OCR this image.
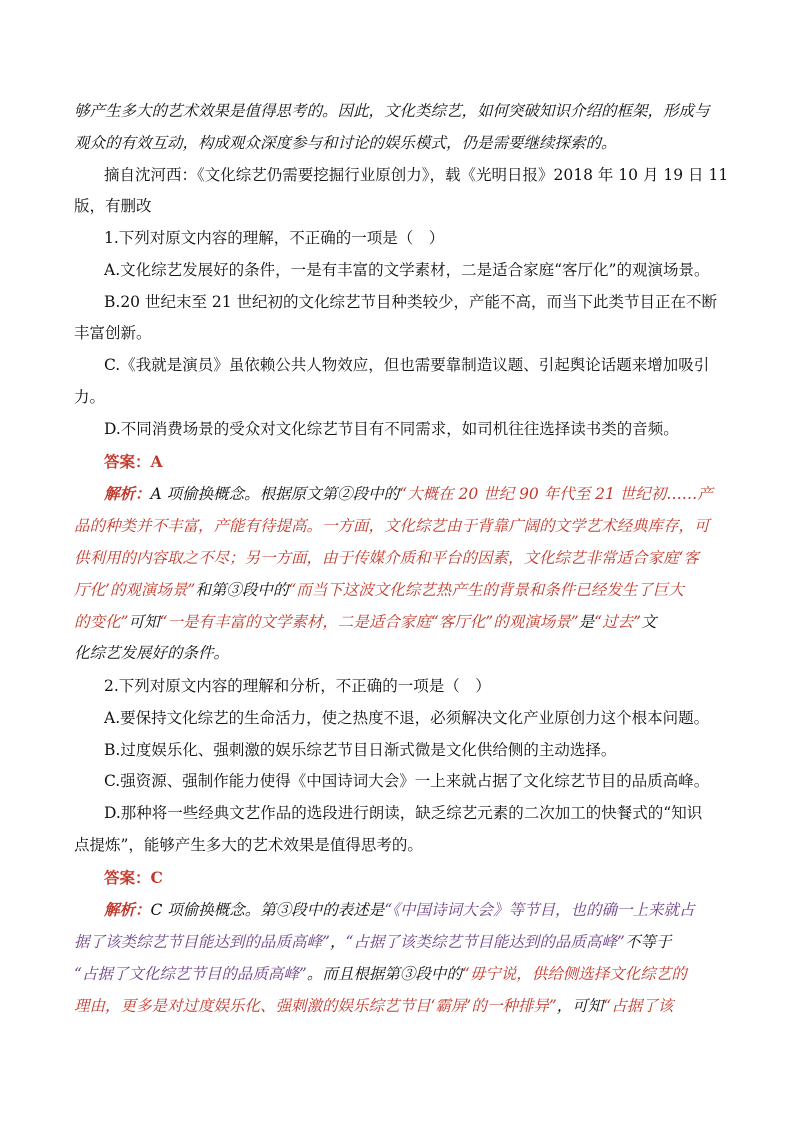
够产生多大的艺术效果是值得思考的。因此，文化类综艺，如何突破知识介绍的框架，形成与
观众的有效互动，构成观众深度参与和讨论的娱乐模式，仍是需要继续探索的。
摘自沈河西：《文化综艺仍需要挖掘行业原创力》，载《光明日报》2018 年 10 月 19 日 11
版，有删改
1.下列对原文内容的理解，不正确的一项是（　）
A.文化综艺发展好的条件，一是有丰富的文学素材，二是适合家庭“客厅化”的观演场景。
B.20 世纪末至 21 世纪初的文化综艺节目种类较少，产能不高，而当下此类节目正在不断
丰富创新。
C.《我就是演员》虽依赖公共人物效应，但也需要靠制造议题、引起舆论话题来增加吸引
力。
D.不同消费场景的受众对文化综艺节目有不同需求，如司机往往选择读书类的音频。
答案：A
解析：A 项偷换概念。根据原文第②段中的“大概在 20 世纪 90 年代至 21 世纪初……产
品的种类并不丰富，产能有待提高。一方面，文化综艺由于背靠广阔的文学艺术经典库存，可
供利用的内容取之不尽；另一方面，由于传媒介质和平台的因素，文化综艺非常适合家庭‘客
厅化’的观演场景”和第③段中的“而当下这波文化综艺热产生的背景和条件已经发生了巨大
的变化”可知“一是有丰富的文学素材，二是适合家庭“客厅化”的观演场景”是“过去”文
化综艺发展好的条件。
2.下列对原文内容的理解和分析，不正确的一项是（　）
A.要保持文化综艺的生命活力，使之热度不退，必须解决文化产业原创力这个根本问题。
B.过度娱乐化、强刺激的娱乐综艺节目日渐式微是文化供给侧的主动选择。
C.强资源、强制作能力使得《中国诗词大会》一上来就占据了文化综艺节目的品质高峰。
D.那种将一些经典文艺作品的选段进行朗读，缺乏综艺元素的二次加工的快餐式的“知识
点提炼”，能够产生多大的艺术效果是值得思考的。
答案：C
解析：C 项偷换概念。第③段中的表述是“《中国诗词大会》等节目，也的确一上来就占
据了该类综艺节目能达到的品质高峰”，“占据了该类综艺节目能达到的品质高峰”不等于
“占据了文化综艺节目的品质高峰”。而且根据第③段中的“毋宁说，供给侧选择文化综艺的
理由，更多是对过度娱乐化、强刺激的娱乐综艺节目‘霸屏’的一种排异”，可知“占据了该
